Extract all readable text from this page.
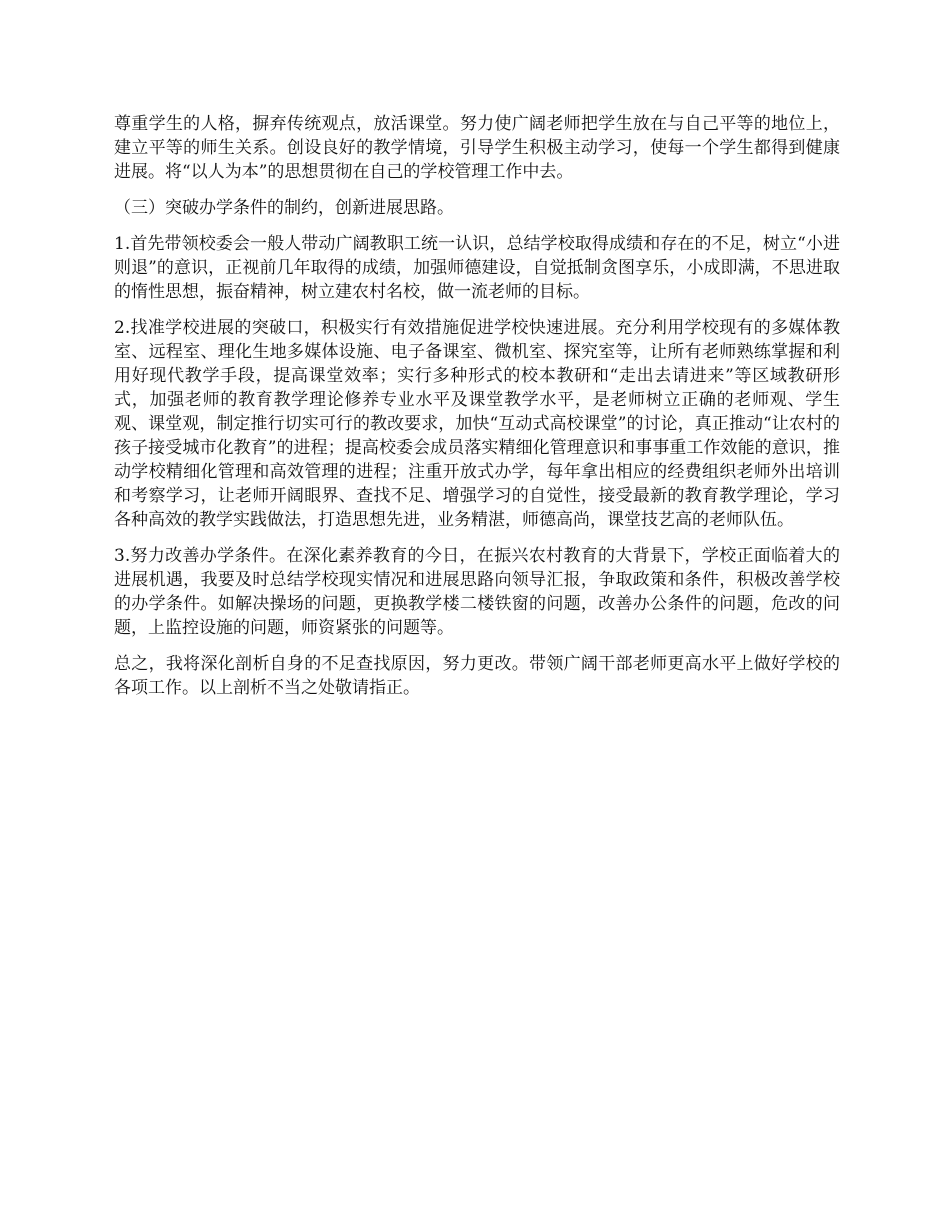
尊重学生的人格，摒弃传统观点，放活课堂。努力使广阔老师把学生放在与自己平等的地位上，建立平等的师生关系。创设良好的教学情境，引导学生积极主动学习，使每一个学生都得到健康进展。将“以人为本”的思想贯彻在自己的学校管理工作中去。

（三）突破办学条件的制约，创新进展思路。

1.首先带领校委会一般人带动广阔教职工统一认识，总结学校取得成绩和存在的不足，树立“小进则退”的意识，正视前几年取得的成绩，加强师德建设，自觉抵制贪图享乐，小成即满，不思进取的惰性思想，振奋精神，树立建农村名校，做一流老师的目标。

2.找准学校进展的突破口，积极实行有效措施促进学校快速进展。充分利用学校现有的多媒体教室、远程室、理化生地多媒体设施、电子备课室、微机室、探究室等，让所有老师熟练掌握和利用好现代教学手段，提高课堂效率；实行多种形式的校本教研和“走出去请进来”等区域教研形式，加强老师的教育教学理论修养专业水平及课堂教学水平，是老师树立正确的老师观、学生观、课堂观，制定推行切实可行的教改要求，加快“互动式高校课堂”的讨论，真正推动“让农村的孩子接受城市化教育”的进程；提高校委会成员落实精细化管理意识和事事重工作效能的意识，推动学校精细化管理和高效管理的进程；注重开放式办学，每年拿出相应的经费组织老师外出培训和考察学习，让老师开阔眼界、查找不足、增强学习的自觉性，接受最新的教育教学理论，学习各种高效的教学实践做法，打造思想先进，业务精湛，师德高尚，课堂技艺高的老师队伍。

3.努力改善办学条件。在深化素养教育的今日，在振兴农村教育的大背景下，学校正面临着大的进展机遇，我要及时总结学校现实情况和进展思路向领导汇报，争取政策和条件，积极改善学校的办学条件。如解决操场的问题，更换教学楼二楼铁窗的问题，改善办公条件的问题，危改的问题，上监控设施的问题，师资紧张的问题等。

总之，我将深化剖析自身的不足查找原因，努力更改。带领广阔干部老师更高水平上做好学校的各项工作。以上剖析不当之处敬请指正。
